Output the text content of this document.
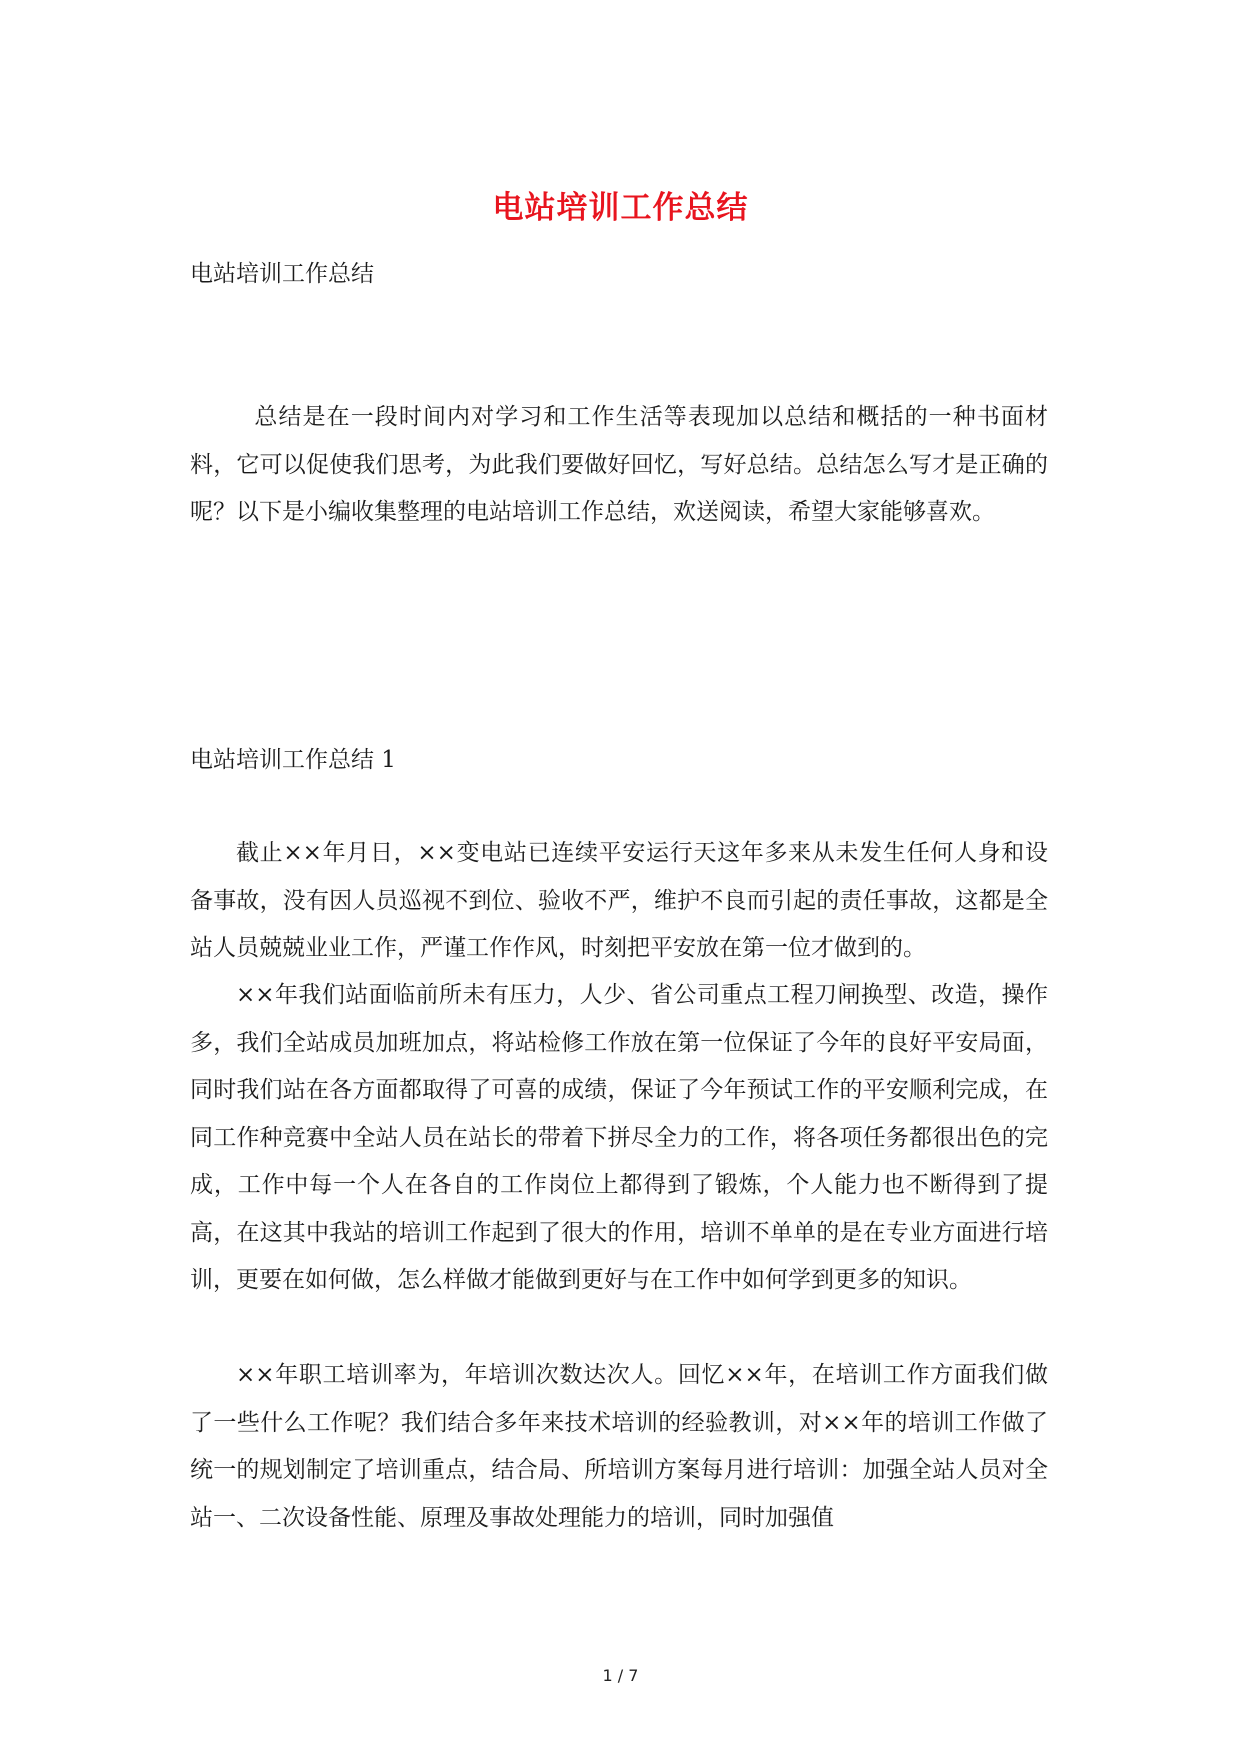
电站培训工作总结

电站培训工作总结

总结是在一段时间内对学习和工作生活等表现加以总结和概括的一种书面材料，它可以促使我们思考，为此我们要做好回忆，写好总结。总结怎么写才是正确的呢？以下是小编收集整理的电站培训工作总结，欢送阅读，希望大家能够喜欢。

电站培训工作总结 1

截止××年月日，××变电站已连续平安运行天这年多来从未发生任何人身和设备事故，没有因人员巡视不到位、验收不严，维护不良而引起的责任事故，这都是全站人员兢兢业业工作，严谨工作作风，时刻把平安放在第一位才做到的。

××年我们站面临前所未有压力，人少、省公司重点工程刀闸换型、改造，操作多，我们全站成员加班加点，将站检修工作放在第一位保证了今年的良好平安局面，同时我们站在各方面都取得了可喜的成绩，保证了今年预试工作的平安顺利完成，在同工作种竞赛中全站人员在站长的带着下拼尽全力的工作，将各项任务都很出色的完成，工作中每一个人在各自的工作岗位上都得到了锻炼，个人能力也不断得到了提高，在这其中我站的培训工作起到了很大的作用，培训不单单的是在专业方面进行培训，更要在如何做，怎么样做才能做到更好与在工作中如何学到更多的知识。

××年职工培训率为，年培训次数达次人。回忆××年，在培训工作方面我们做了一些什么工作呢？我们结合多年来技术培训的经验教训，对××年的培训工作做了统一的规划制定了培训重点，结合局、所培训方案每月进行培训：加强全站人员对全站一、二次设备性能、原理及事故处理能力的培训，同时加强值

1 / 7
